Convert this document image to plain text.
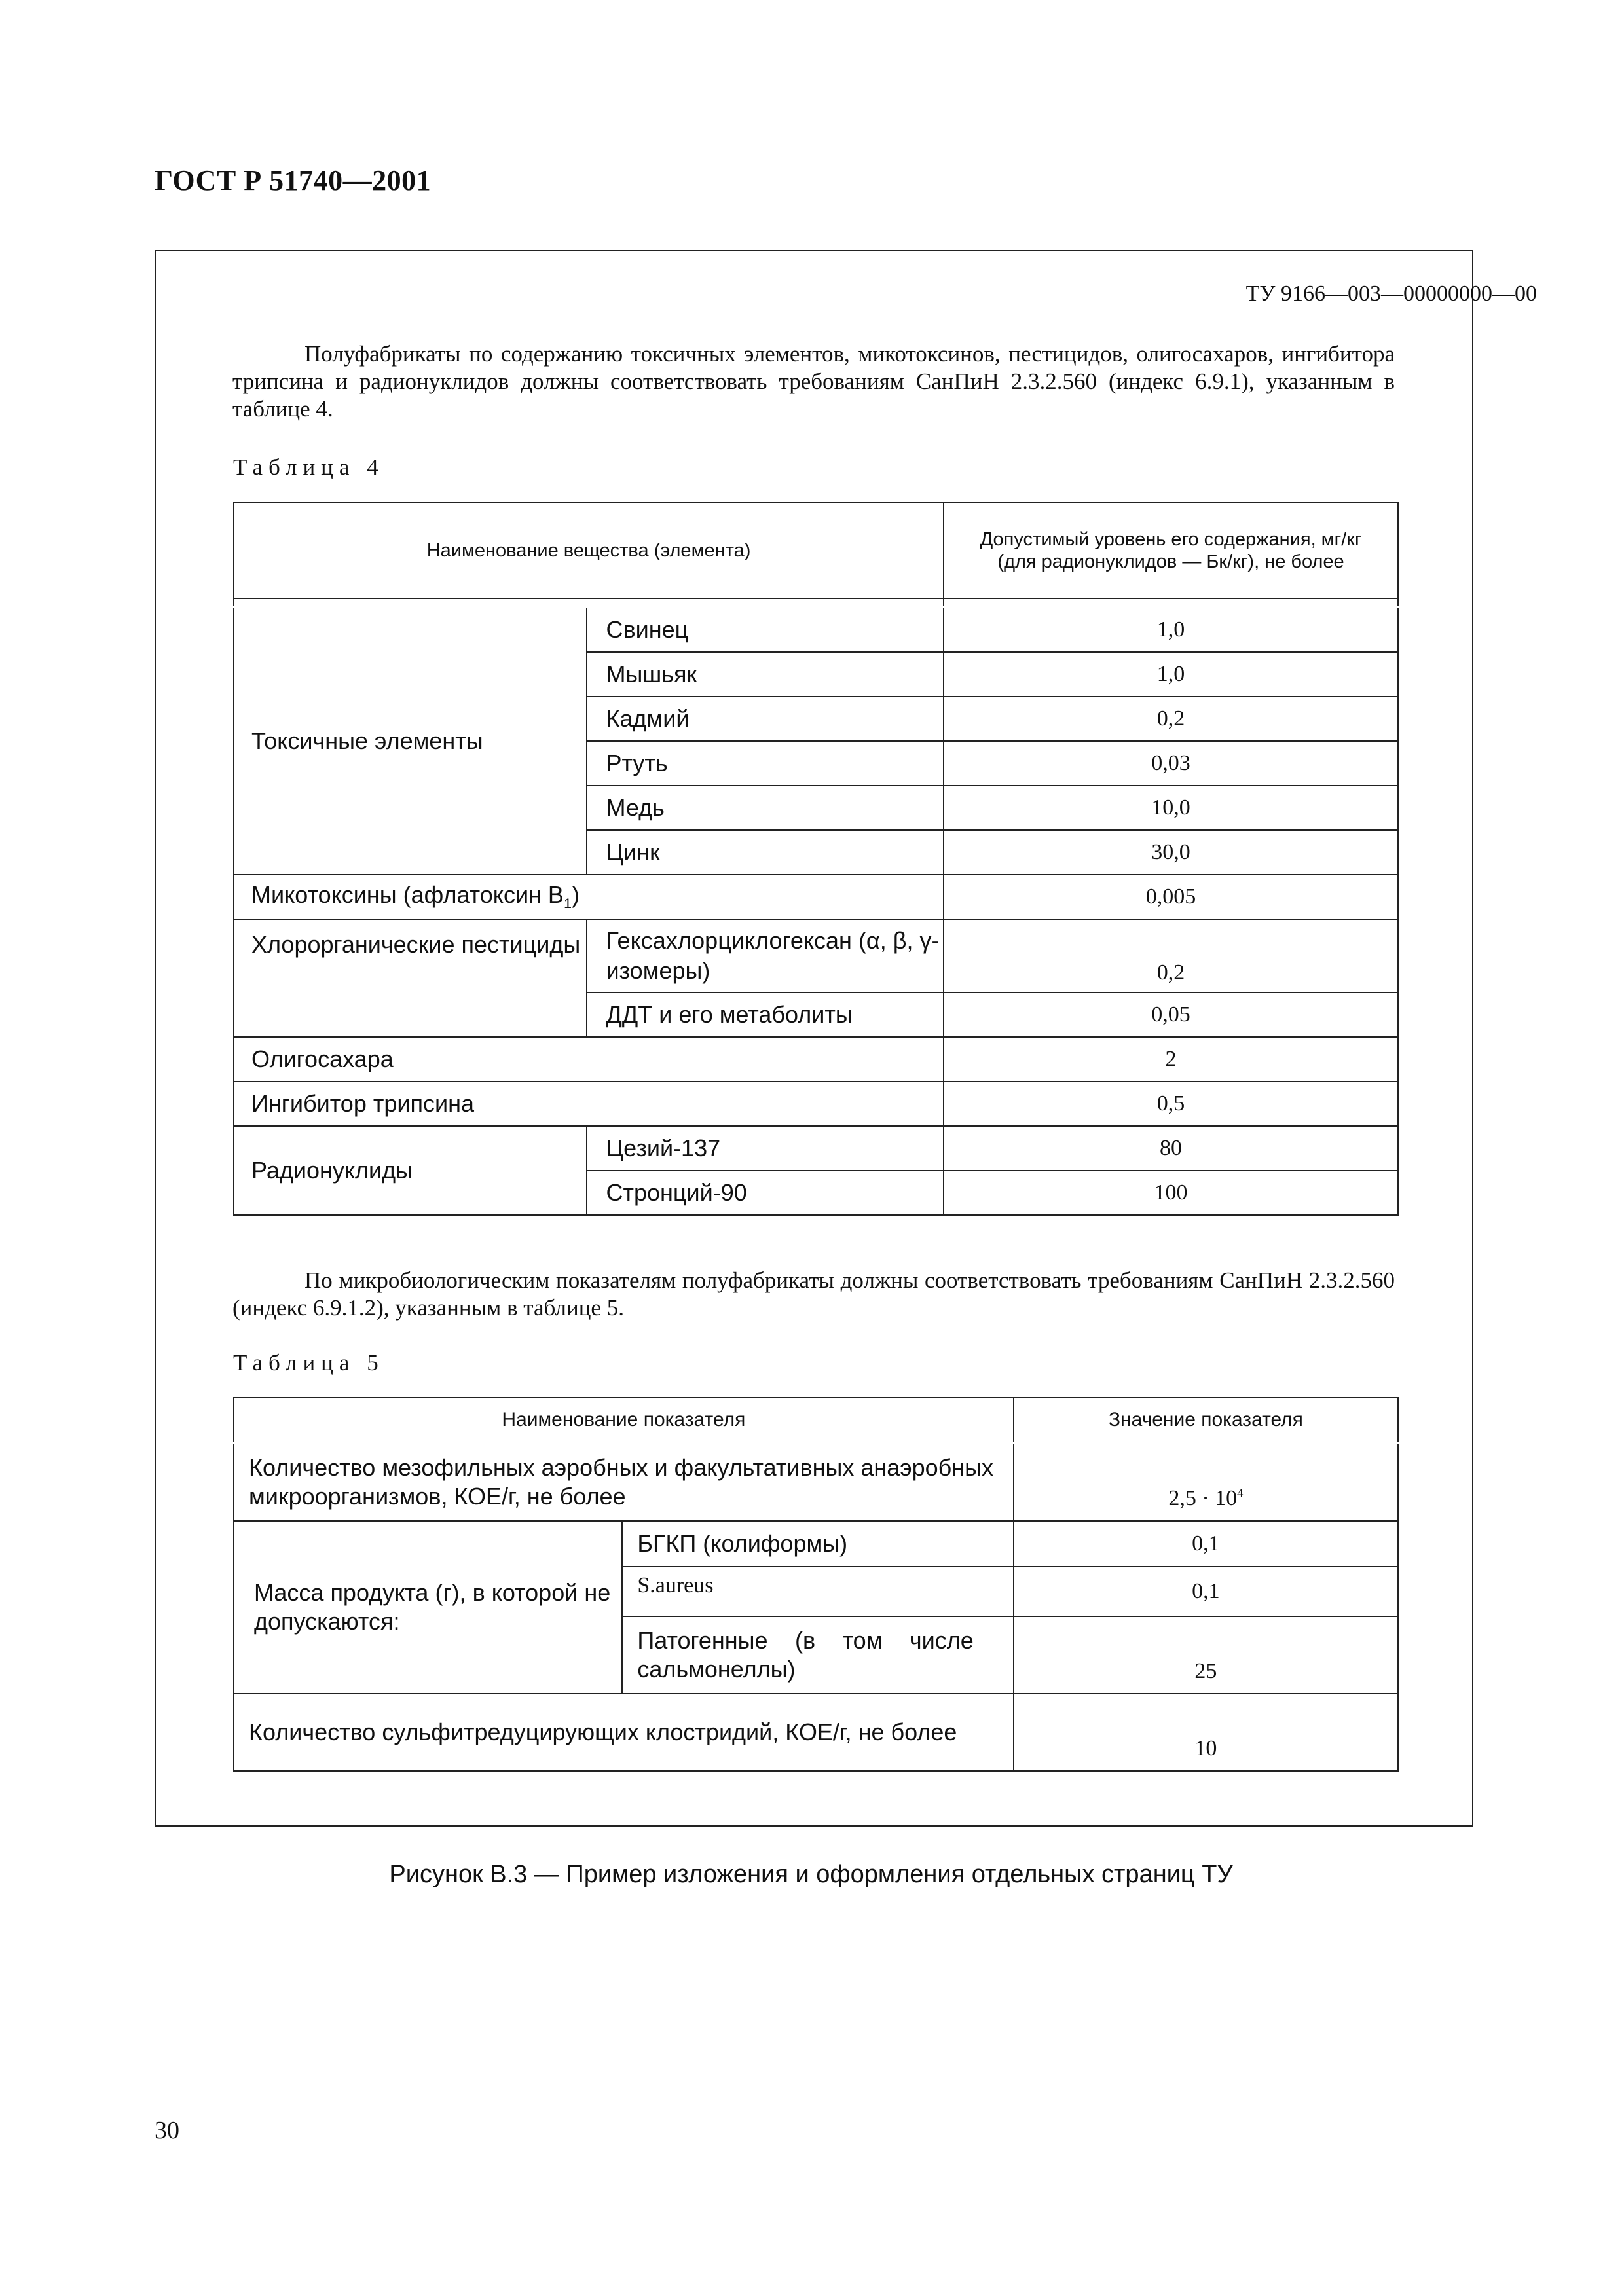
ГОСТ Р 51740—2001
ТУ 9166—003—00000000—00
Полуфабрикаты по содержанию токсичных элементов, микотоксинов, пестицидов, олигосахаров, ингибитора трипсина и радионуклидов должны соответствовать требованиям СанПиН 2.3.2.560 (индекс 6.9.1), указанным в таблице 4.
Таблица 4
Наименование вещества (элемента)		Допустимый уровень его содержания, мг/кг (для радионуклидов — Бк/кг), не более

Токсичные элементы	Свинец	1,0
	Мышьяк	1,0
	Кадмий	0,2
	Ртуть	0,03
	Медь	10,0
	Цинк	30,0
Микотоксины (афлатоксин $B_1$)		0,005
Хлорорганические пестициды	Гексахлорциклогексан (α, β, γ-изомеры)	0,2
	ДДТ и его метаболиты	0,05
Олигосахара		2
Ингибитор трипсина		0,5
Радионуклиды	Цезий-137	80
	Стронций-90	100
По микробиологическим показателям полуфабрикаты должны соответствовать требованиям СанПиН 2.3.2.560 (индекс 6.9.1.2), указанным в таблице 5.
Таблица 5
Наименование показателя		Значение показателя
Количество мезофильных аэробных и факультативных анаэробных микроорганизмов, КОЕ/г, не более		$2,5 \cdot 10^4$
Масса продукта (г), в которой не допускаются:	БГКП (колиформы)	0,1
	S.aureus	0,1
	Патогенные (в том числе сальмонеллы)	25
Количество сульфитредуцирующих клостридий, КОЕ/г, не более		10
Рисунок В.3 — Пример изложения и оформления отдельных страниц ТУ
30
